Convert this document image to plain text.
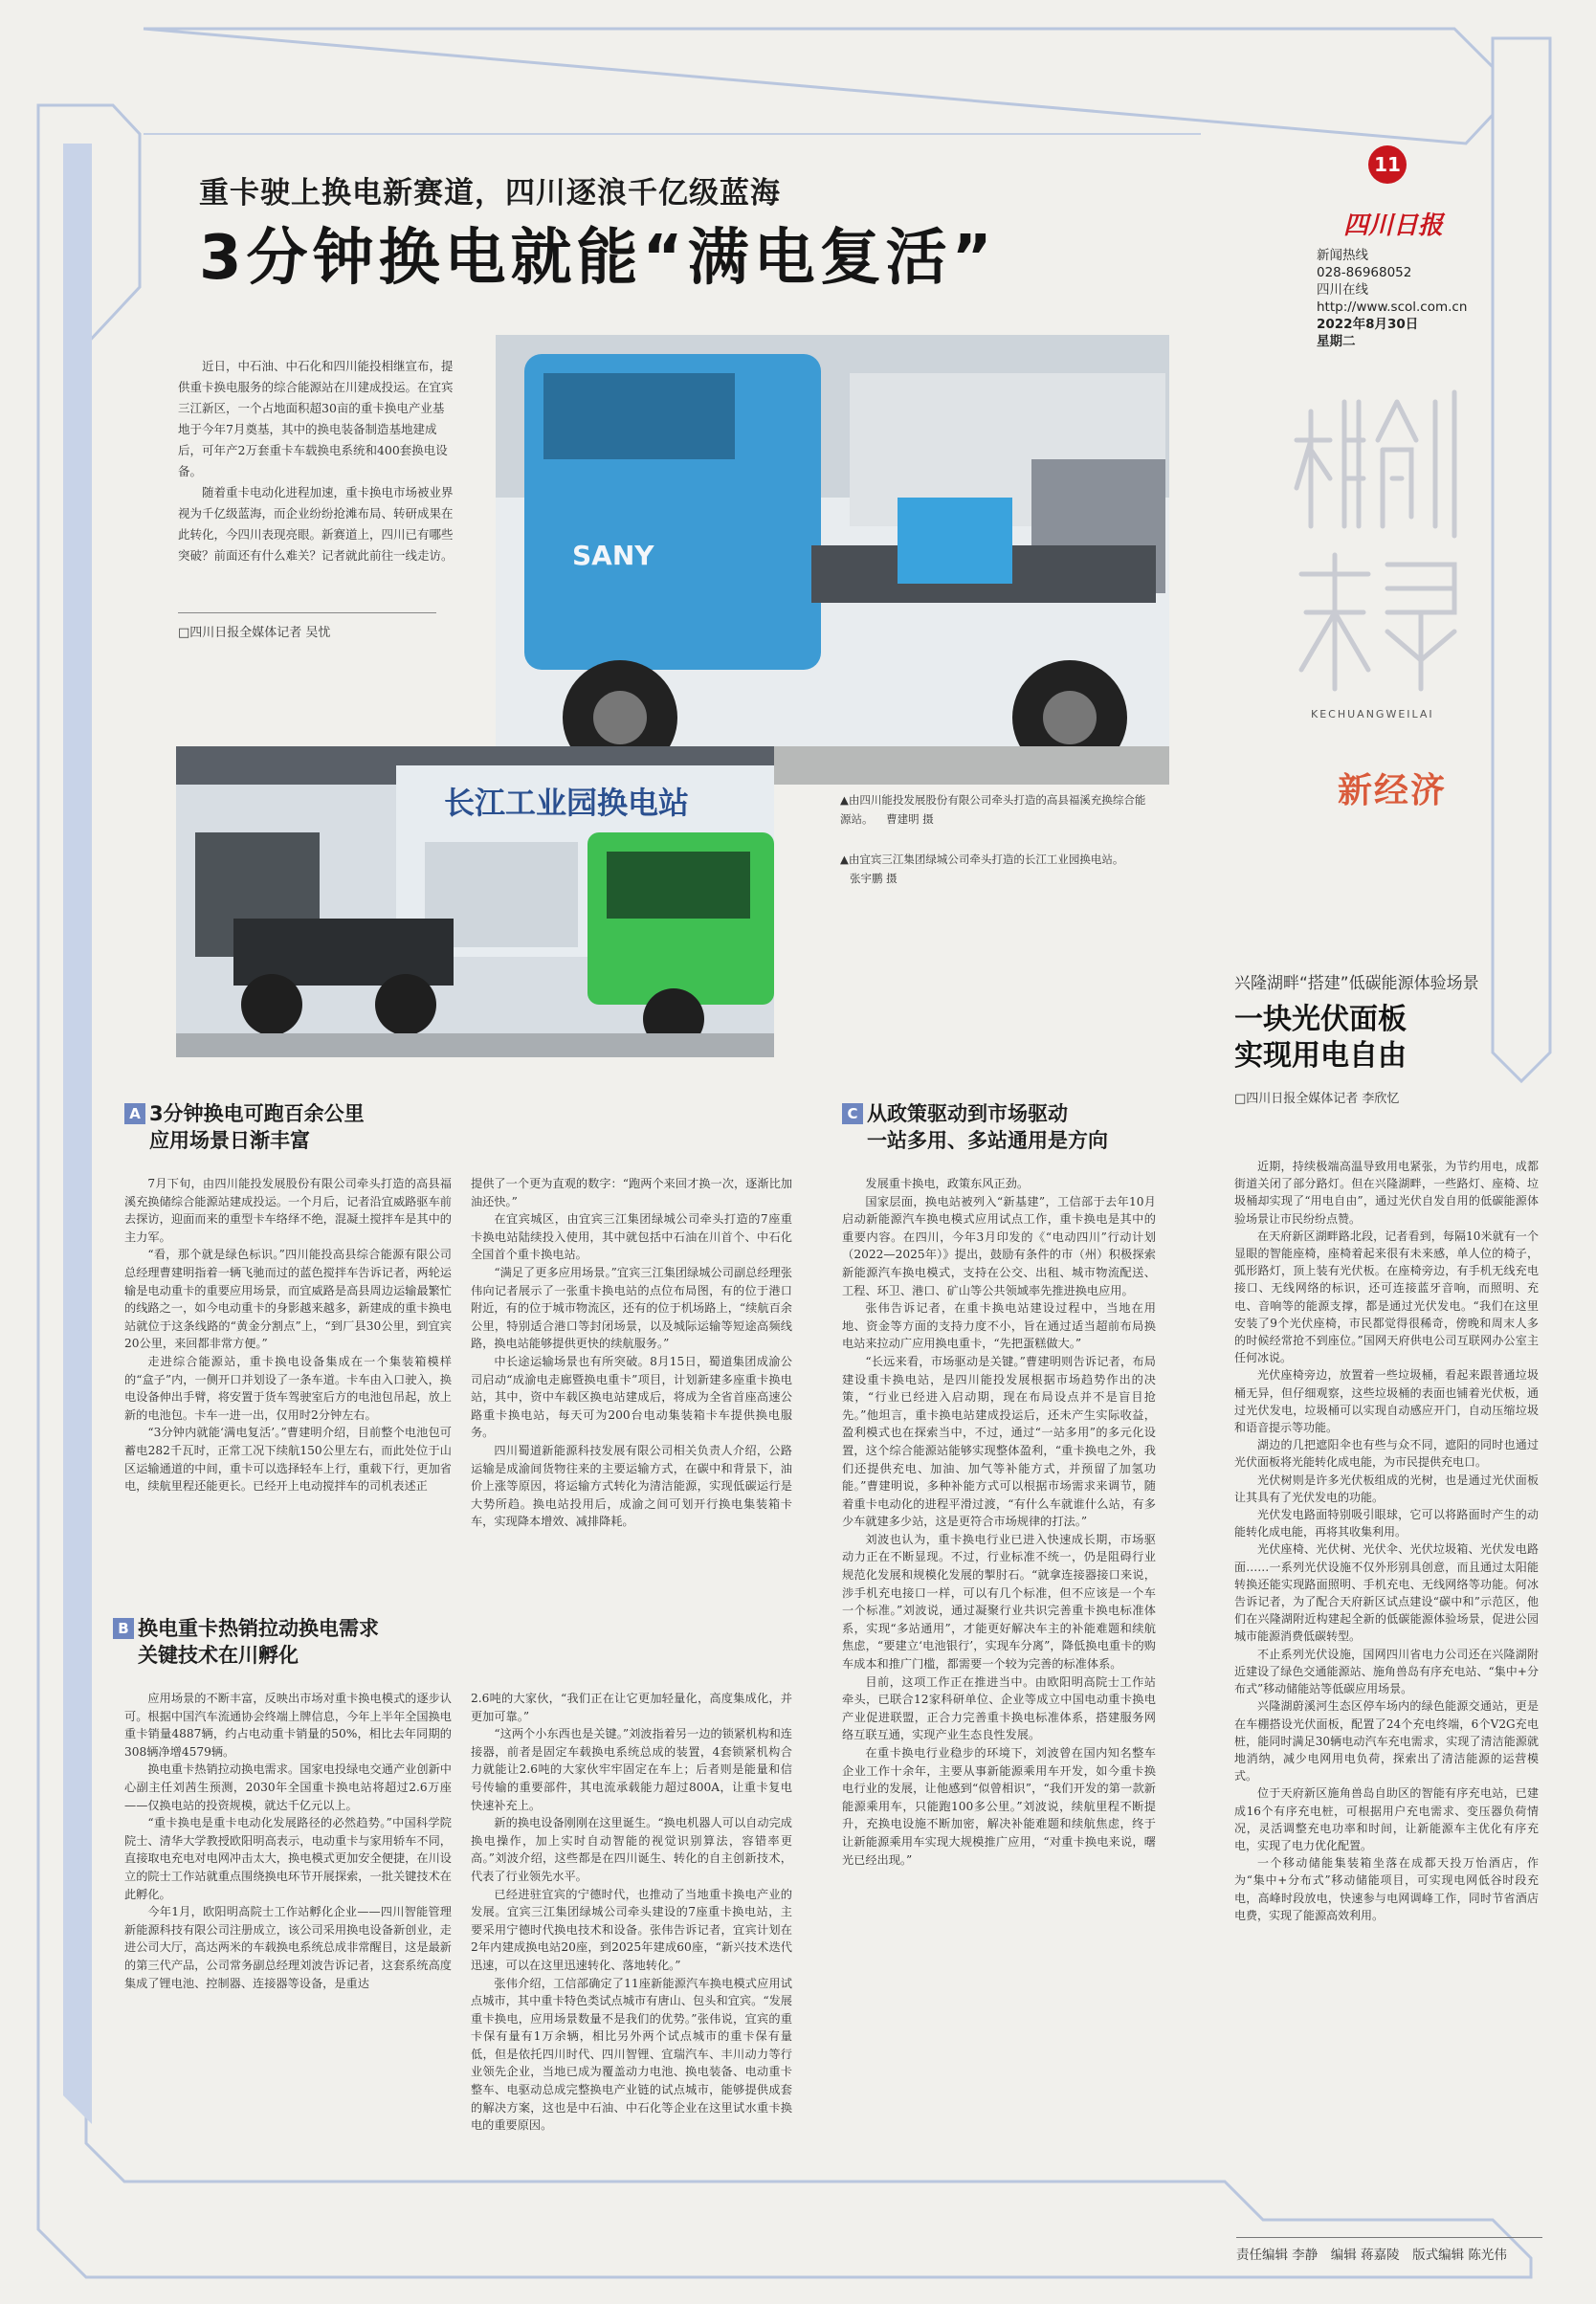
重卡驶上换电新赛道，四川逐浪千亿级蓝海
3分钟换电就能“满电复活”

近日，中石油、中石化和四川能投相继宣布，提供重卡换电服务的综合能源站在川建成投运。在宜宾三江新区，一个占地面积超30亩的重卡换电产业基地于今年7月奠基，其中的换电装备制造基地建成后，可年产2万套重卡车载换电系统和400套换电设备。

随着重卡电动化进程加速，重卡换电市场被业界视为千亿级蓝海，而企业纷纷抢滩布局、转研成果在此转化，今四川表现亮眼。新赛道上，四川已有哪些突破？前面还有什么难关？记者就此前往一线走访。

□四川日报全媒体记者 吴忧
SANY
长江工业园换电站	▲由四川能投发展股份有限公司牵头打造的高县福溪充换综合能源站。 曹建明 摄
▲由宜宾三江集团绿城公司牵头打造的长江工业园换电站。 张宇鹏 摄
11
四川日报
新闻热线
028-86968052
四川在线
http://www.scol.com.cn
2022年8月30日
星期二
KECHUANGWEILAI
新经济
兴隆湖畔“搭建”低碳能源体验场景
一块光伏面板
实现用电自由
□四川日报全媒体记者 李欣忆

近期，持续极端高温导致用电紧张，为节约用电，成都街道关闭了部分路灯。但在兴隆湖畔，一些路灯、座椅、垃圾桶却实现了“用电自由”，通过光伏自发自用的低碳能源体验场景让市民纷纷点赞。

在天府新区湖畔路北段，记者看到，每隔10米就有一个显眼的智能座椅，座椅着起来很有未来感，单人位的椅子，弧形路灯，顶上装有光伏板。在座椅旁边，有手机无线充电接口、无线网络的标识，还可连接蓝牙音响，而照明、充电、音响等的能源支撑，都是通过光伏发电。“我们在这里安装了9个光伏座椅，市民都觉得很稀奇，傍晚和周末人多的时候经常抢不到座位。”国网天府供电公司互联网办公室主任何冰说。

光伏座椅旁边，放置着一些垃圾桶，看起来跟普通垃圾桶无异，但仔细观察，这些垃圾桶的表面也铺着光伏板，通过光伏发电，垃圾桶可以实现自动感应开门，自动压缩垃圾和语音提示等功能。

湖边的几把遮阳伞也有些与众不同，遮阳的同时也通过光伏面板将光能转化成电能，为市民提供充电口。

光伏树则是许多光伏板组成的光树，也是通过光伏面板让其具有了光伏发电的功能。

光伏发电路面特别吸引眼球，它可以将路面时产生的动能转化成电能，再将其收集利用。

光伏座椅、光伏树、光伏伞、光伏垃圾箱、光伏发电路面……一系列光伏设施不仅外形别具创意，而且通过太阳能转换还能实现路面照明、手机充电、无线网络等功能。何冰告诉记者，为了配合天府新区试点建设“碳中和”示范区，他们在兴隆湖附近构建起全新的低碳能源体验场景，促进公园城市能源消费低碳转型。

不止系列光伏设施，国网四川省电力公司还在兴隆湖附近建设了绿色交通能源站、施角兽岛有序充电站、“集中+分布式”移动储能站等低碳应用场景。

兴隆湖蔚溪河生态区停车场内的绿色能源交通站，更是在车棚搭设光伏面板，配置了24个充电终端，6个V2G充电桩，能同时满足30辆电动汽车充电需求，实现了清洁能源就地消纳，减少电网用电负荷，探索出了清洁能源的运营模式。

位于天府新区施角兽岛自助区的智能有序充电站，已建成16个有序充电桩，可根据用户充电需求、变压器负荷情况，灵活调整充电功率和时间，让新能源车主优化有序充电，实现了电力优化配置。

一个移动储能集装箱坐落在成都天投万怡酒店，作为“集中+分布式”移动储能项目，可实现电网低谷时段充电，高峰时段放电，快速参与电网调峰工作，同时节省酒店电费，实现了能源高效利用。

责任编辑 李静　编辑 蒋嘉陵　版式编辑 陈光伟
A 3分钟换电可跑百余公里
应用场景日渐丰富

7月下旬，由四川能投发展股份有限公司牵头打造的高县福溪充换储综合能源站建成投运。一个月后，记者沿宜威路驱车前去探访，迎面而来的重型卡车络绎不绝，混凝土搅拌车是其中的主力军。

“看，那个就是绿色标识。”四川能投高县综合能源有限公司总经理曹建明指着一辆飞驰而过的蓝色搅拌车告诉记者，两轮运输是电动重卡的重要应用场景，而宜威路是高县周边运输最繁忙的线路之一，如今电动重卡的身影越来越多，新建成的重卡换电站就位于这条线路的“黄金分割点”上，“到厂县30公里，到宜宾20公里，来回都非常方便。”

走进综合能源站，重卡换电设备集成在一个集装箱模样的“盒子”内，一侧开口并划设了一条车道。卡车由入口驶入，换电设备伸出手臂，将安置于货车驾驶室后方的电池包吊起，放上新的电池包。卡车一进一出，仅用时2分钟左右。

“3分钟内就能‘满电复活’。”曹建明介绍，目前整个电池包可蓄电282千瓦时，正常工况下续航150公里左右，而此处位于山区运输通道的中间，重卡可以选择轻车上行，重载下行，更加省电，续航里程还能更长。已经开上电动搅拌车的司机表述正

提供了一个更为直观的数字：“跑两个来回才换一次，逐渐比加油还快。”

在宜宾城区，由宜宾三江集团绿城公司牵头打造的7座重卡换电站陆续投入使用，其中就包括中石油在川首个、中石化全国首个重卡换电站。

“满足了更多应用场景。”宜宾三江集团绿城公司副总经理张伟向记者展示了一张重卡换电站的点位布局图，有的位于港口附近，有的位于城市物流区，还有的位于机场路上，“续航百余公里，特别适合港口等封闭场景，以及城际运输等短途高频线路，换电站能够提供更快的续航服务。”

中长途运输场景也有所突破。8月15日，蜀道集团成渝公司启动“成渝电走廊暨换电重卡”项目，计划新建多座重卡换电站，其中，资中车载区换电站建成后，将成为全省首座高速公路重卡换电站，每天可为200台电动集装箱卡车提供换电服务。

四川蜀道新能源科技发展有限公司相关负责人介绍，公路运输是成渝间货物往来的主要运输方式，在碳中和背景下，油价上涨等原因，将运输方式转化为清洁能源，实现低碳运行是大势所趋。换电站投用后，成渝之间可划开行换电集装箱卡车，实现降本增效、减排降耗。

B 换电重卡热销拉动换电需求
关键技术在川孵化

应用场景的不断丰富，反映出市场对重卡换电模式的逐步认可。根据中国汽车流通协会终端上牌信息，今年上半年全国换电重卡销量4887辆，约占电动重卡销量的50%，相比去年同期的308辆净增4579辆。

换电重卡热销拉动换电需求。国家电投绿电交通产业创新中心副主任刘茜生预测，2030年全国重卡换电站将超过2.6万座——仅换电站的投资规模，就达千亿元以上。

“重卡换电是重卡电动化发展路径的必然趋势。”中国科学院院士、清华大学教授欧阳明高表示，电动重卡与家用轿车不同，直接取电充电对电网冲击太大，换电模式更加安全便捷，在川设立的院士工作站就重点围绕换电环节开展探索，一批关键技术在此孵化。

今年1月，欧阳明高院士工作站孵化企业——四川智能管理新能源科技有限公司注册成立，该公司采用换电设备新创业，走进公司大厅，高达两米的车载换电系统总成非常醒目，这是最新的第三代产品，公司常务副总经理刘波告诉记者，这套系统高度集成了锂电池、控制器、连接器等设备，是重达

2.6吨的大家伙，“我们正在让它更加轻量化，高度集成化，并更加可靠。”

“这两个小东西也是关键。”刘波指着另一边的锁紧机构和连接器，前者是固定车载换电系统总成的装置，4套锁紧机构合力就能让2.6吨的大家伙牢牢固定在车上；后者则是能量和信号传输的重要部件，其电流承载能力超过800A，让重卡复电快速补充上。

新的换电设备刚刚在这里诞生。“换电机器人可以自动完成换电操作，加上实时自动智能的视觉识别算法，容错率更高。”刘波介绍，这些都是在四川诞生、转化的自主创新技术，代表了行业领先水平。

已经进驻宜宾的宁德时代，也推动了当地重卡换电产业的发展。宜宾三江集团绿城公司牵头建设的7座重卡换电站，主要采用宁德时代换电技术和设备。张伟告诉记者，宜宾计划在2年内建成换电站20座，到2025年建成60座，“新兴技术迭代迅速，可以在这里迅速转化、落地转化。”

张伟介绍，工信部确定了11座新能源汽车换电模式应用试点城市，其中重卡特色类试点城市有唐山、包头和宜宾。“发展重卡换电，应用场景数量不是我们的优势。”张伟说，宜宾的重卡保有量有1万余辆，相比另外两个试点城市的重卡保有量低，但是依托四川时代、四川智锂、宜瑞汽车、丰川动力等行业领先企业，当地已成为覆盖动力电池、换电装备、电动重卡整车、电驱动总成完整换电产业链的试点城市，能够提供成套的解决方案，这也是中石油、中石化等企业在这里试水重卡换电的重要原因。

C 从政策驱动到市场驱动
一站多用、多站通用是方向

发展重卡换电，政策东风正劲。

国家层面，换电站被列入“新基建”，工信部于去年10月启动新能源汽车换电模式应用试点工作，重卡换电是其中的重要内容。在四川，今年3月印发的《“电动四川”行动计划（2022—2025年）》提出，鼓励有条件的市（州）积极探索新能源汽车换电模式，支持在公交、出租、城市物流配送、工程、环卫、港口、矿山等公共领域率先推进换电应用。

张伟告诉记者，在重卡换电站建设过程中，当地在用地、资金等方面的支持力度不小，旨在通过适当超前布局换电站来拉动广应用换电重卡，“先把蛋糕做大。”

“长远来看，市场驱动是关键。”曹建明则告诉记者，布局建设重卡换电站，是四川能投发展根据市场趋势作出的决策，“行业已经进入启动期，现在布局设点并不是盲目抢先。”他坦言，重卡换电站建成投运后，还未产生实际收益，盈利模式也在探索当中，不过，通过“一站多用”的多元化设置，这个综合能源站能够实现整体盈利，“重卡换电之外，我们还提供充电、加油、加气等补能方式，并预留了加氢功能。”曹建明说，多种补能方式可以根据市场需求来调节，随着重卡电动化的进程平滑过渡，“有什么车就谁什么站，有多少车就建多少站，这是更符合市场规律的打法。”

刘波也认为，重卡换电行业已进入快速成长期，市场驱动力正在不断显现。不过，行业标准不统一，仍是阻碍行业规范化发展和规模化发展的掣肘石。“就拿连接器接口来说，涉手机充电接口一样，可以有几个标准，但不应该是一个车一个标准。”刘波说，通过凝聚行业共识完善重卡换电标准体系，实现“多站通用”，才能更好解决车主的补能难题和续航焦虑，“要建立‘电池银行’，实现车分离”，降低换电重卡的购车成本和推广门槛，都需要一个较为完善的标准体系。

目前，这项工作正在推进当中。由欧阳明高院士工作站牵头，已联合12家科研单位、企业等成立中国电动重卡换电产业促进联盟，正合力完善重卡换电标准体系，搭建服务网络互联互通，实现产业生态良性发展。

在重卡换电行业稳步的环境下，刘波曾在国内知名整车企业工作十余年，主要从事新能源乘用车开发，如今重卡换电行业的发展，让他感到“似曾相识”，“我们开发的第一款新能源乘用车，只能跑100多公里。”刘波说，续航里程不断提升，充换电设施不断加密，解决补能难题和续航焦虑，终于让新能源乘用车实现大规模推广应用，“对重卡换电来说，曙光已经出现。”
